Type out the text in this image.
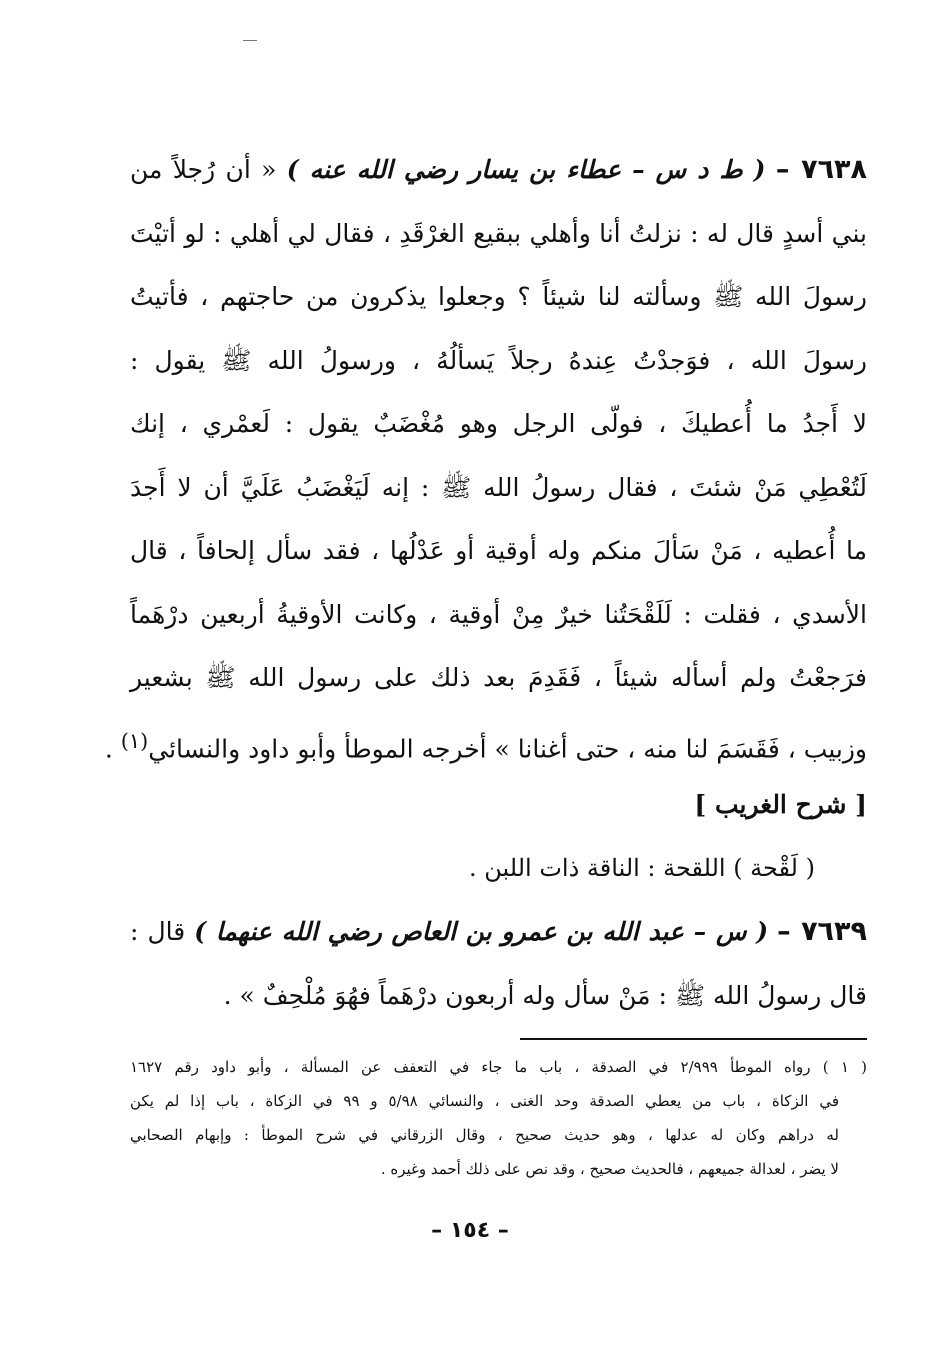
٧٦٣٨ – ( ط د س – عطاء بن يسار رضي الله عنه ) « أن رُجلاً من
بني أسدٍ قال له : نزلتُ أنا وأهلي ببقيع الغرْقَدِ ، فقال لي أهلي : لو أتيْتَ
رسولَ الله ﷺ وسألته لنا شيئاً ؟ وجعلوا يذكرون من حاجتهم ، فأتيتُ
رسولَ الله ، فوَجدْتُ عِندهُ رجلاً يَسألُهُ ، ورسولُ الله ﷺ يقول :
لا أَجدُ ما أُعطيكَ ، فولّى الرجل وهو مُغْضَبٌ يقول : لَعمْري ، إنك
لَتُعْطِي مَنْ شئتَ ، فقال رسولُ الله ﷺ : إنه لَيَغْضَبُ عَلَيَّ أن لا أَجدَ
ما أُعطيه ، مَنْ سَألَ منكم وله أوقية أو عَدْلُها ، فقد سأل إلحافاً ، قال
الأسدي ، فقلت : لَلَقْحَتُنا خيرٌ مِنْ أوقية ، وكانت الأوقيةُ أربعين درْهَماً
فرَجعْتُ ولم أسأله شيئاً ، فَقَدِمَ بعد ذلك على رسول الله ﷺ بشعير
وزبيب ، فَقَسَمَ لنا منه ، حتى أغنانا » أخرجه الموطأ وأبو داود والنسائي$^{(١)}$ .
[ شرح الغريب ]
( لَقْحة ) اللقحة : الناقة ذات اللبن .
٧٦٣٩ – ( س – عبد الله بن عمرو بن العاص رضي الله عنهما ) قال :
قال رسولُ الله ﷺ : مَنْ سأل وله أربعون درْهَماً فهُوَ مُلْحِفٌ » .
( ١ ) رواه الموطأ ٢/٩٩٩ في الصدقة ، باب ما جاء في التعفف عن المسألة ، وأبو داود رقم ١٦٢٧
في الزكاة ، باب من يعطي الصدقة وحد الغنى ، والنسائي ٥/٩٨ و ٩٩ في الزكاة ، باب إذا لم يكن
له دراهم وكان له عدلها ، وهو حديث صحيح ، وقال الزرقاني في شرح الموطأ : وإبهام الصحابي
لا يضر ، لعدالة جميعهم ، فالحديث صحيح ، وقد نص على ذلك أحمد وغيره .
– ١٥٤ –
